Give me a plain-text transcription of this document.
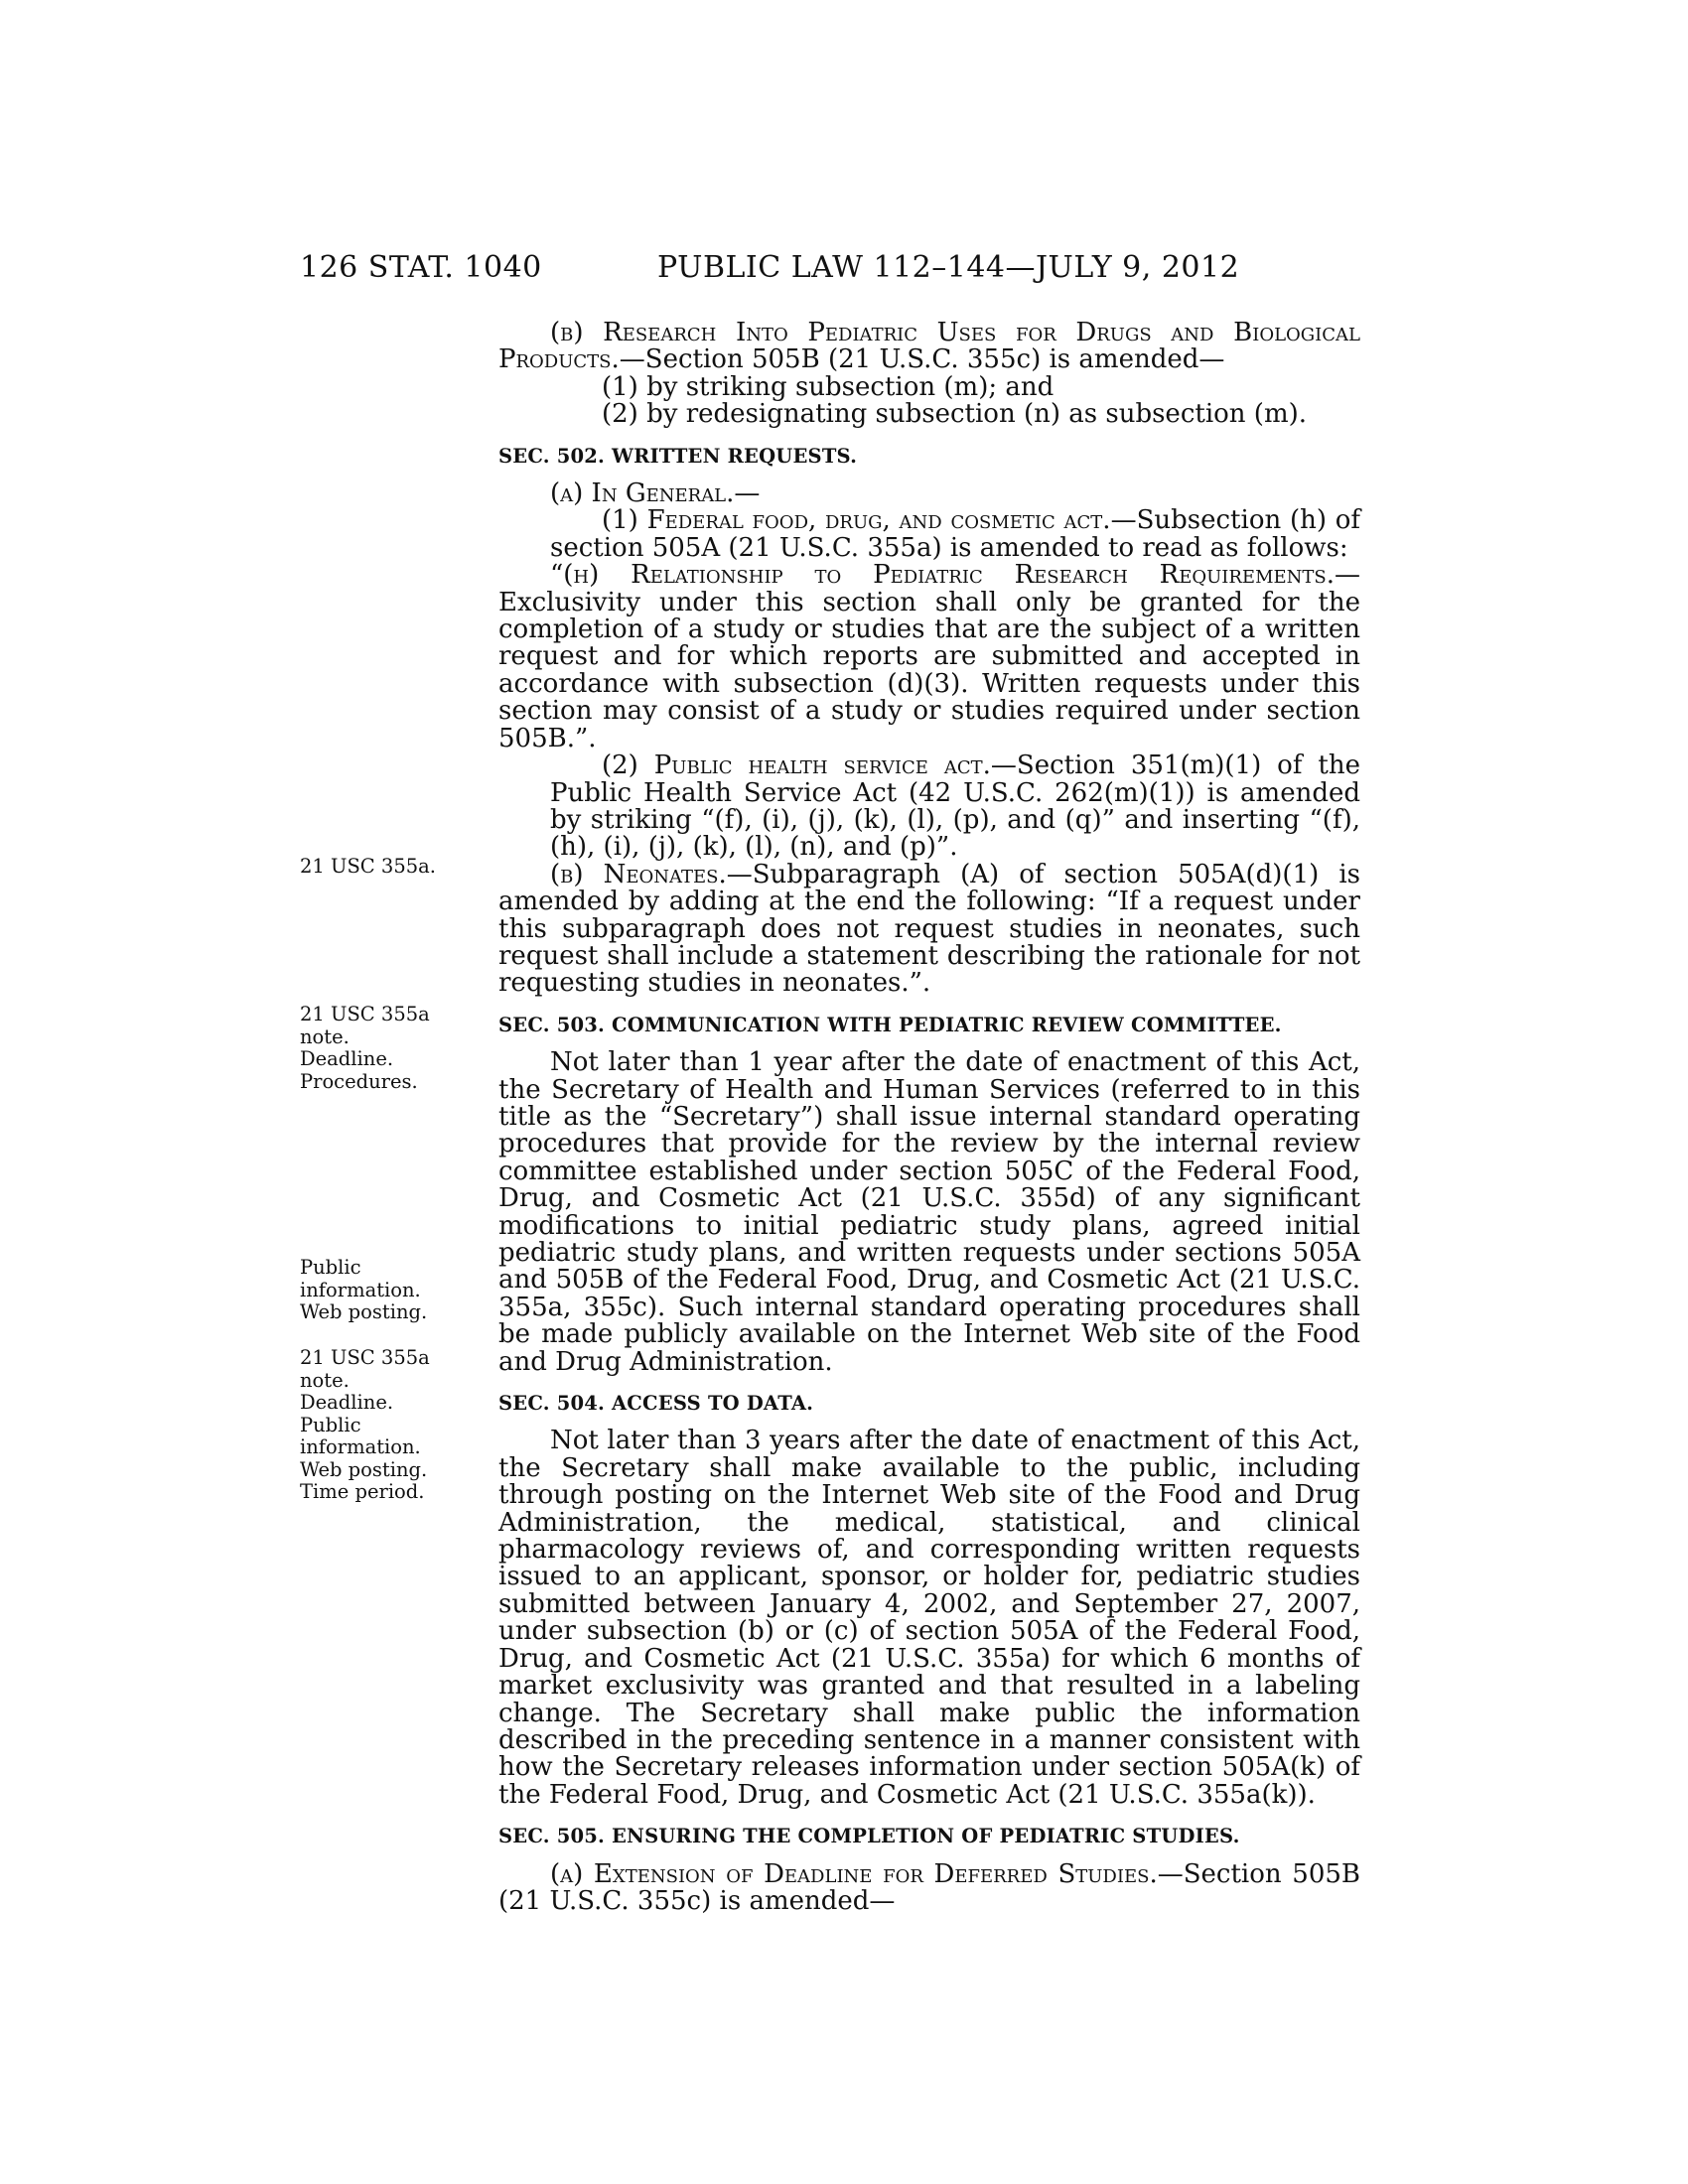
126 STAT. 1040	PUBLIC LAW 112–144—JULY 9, 2012
21 USC 355a.
21 USC 355a
note.
Deadline.
Procedures.
Public
information.
Web posting.
21 USC 355a
note.
Deadline.
Public
information.
Web posting.
Time period.

(b) Research Into Pediatric Uses for Drugs and Biological Products.—Section 505B (21 U.S.C. 355c) is amended—

(1) by striking subsection (m); and

(2) by redesignating subsection (n) as subsection (m).

SEC. 502. WRITTEN REQUESTS.

(a) In General.—

(1) Federal food, drug, and cosmetic act.—Subsection (h) of section 505A (21 U.S.C. 355a) is amended to read as follows:

“(h) Relationship to Pediatric Research Requirements.—Exclusivity under this section shall only be granted for the completion of a study or studies that are the subject of a written request and for which reports are submitted and accepted in accordance with subsection (d)(3). Written requests under this section may consist of a study or studies required under section 505B.”.

(2) Public health service act.—Section 351(m)(1) of the Public Health Service Act (42 U.S.C. 262(m)(1)) is amended by striking “(f), (i), (j), (k), (l), (p), and (q)” and inserting “(f), (h), (i), (j), (k), (l), (n), and (p)”.

(b) Neonates.—Subparagraph (A) of section 505A(d)(1) is amended by adding at the end the following: “If a request under this subparagraph does not request studies in neonates, such request shall include a statement describing the rationale for not requesting studies in neonates.”.

SEC. 503. COMMUNICATION WITH PEDIATRIC REVIEW COMMITTEE.

Not later than 1 year after the date of enactment of this Act, the Secretary of Health and Human Services (referred to in this title as the “Secretary”) shall issue internal standard operating procedures that provide for the review by the internal review committee established under section 505C of the Federal Food, Drug, and Cosmetic Act (21 U.S.C. 355d) of any significant modifications to initial pediatric study plans, agreed initial pediatric study plans, and written requests under sections 505A and 505B of the Federal Food, Drug, and Cosmetic Act (21 U.S.C. 355a, 355c). Such internal standard operating procedures shall be made publicly available on the Internet Web site of the Food and Drug Administration.

SEC. 504. ACCESS TO DATA.

Not later than 3 years after the date of enactment of this Act, the Secretary shall make available to the public, including through posting on the Internet Web site of the Food and Drug Administration, the medical, statistical, and clinical pharmacology reviews of, and corresponding written requests issued to an applicant, sponsor, or holder for, pediatric studies submitted between January 4, 2002, and September 27, 2007, under subsection (b) or (c) of section 505A of the Federal Food, Drug, and Cosmetic Act (21 U.S.C. 355a) for which 6 months of market exclusivity was granted and that resulted in a labeling change. The Secretary shall make public the information described in the preceding sentence in a manner consistent with how the Secretary releases information under section 505A(k) of the Federal Food, Drug, and Cosmetic Act (21 U.S.C. 355a(k)).

SEC. 505. ENSURING THE COMPLETION OF PEDIATRIC STUDIES.

(a) Extension of Deadline for Deferred Studies.—Section 505B (21 U.S.C. 355c) is amended—
